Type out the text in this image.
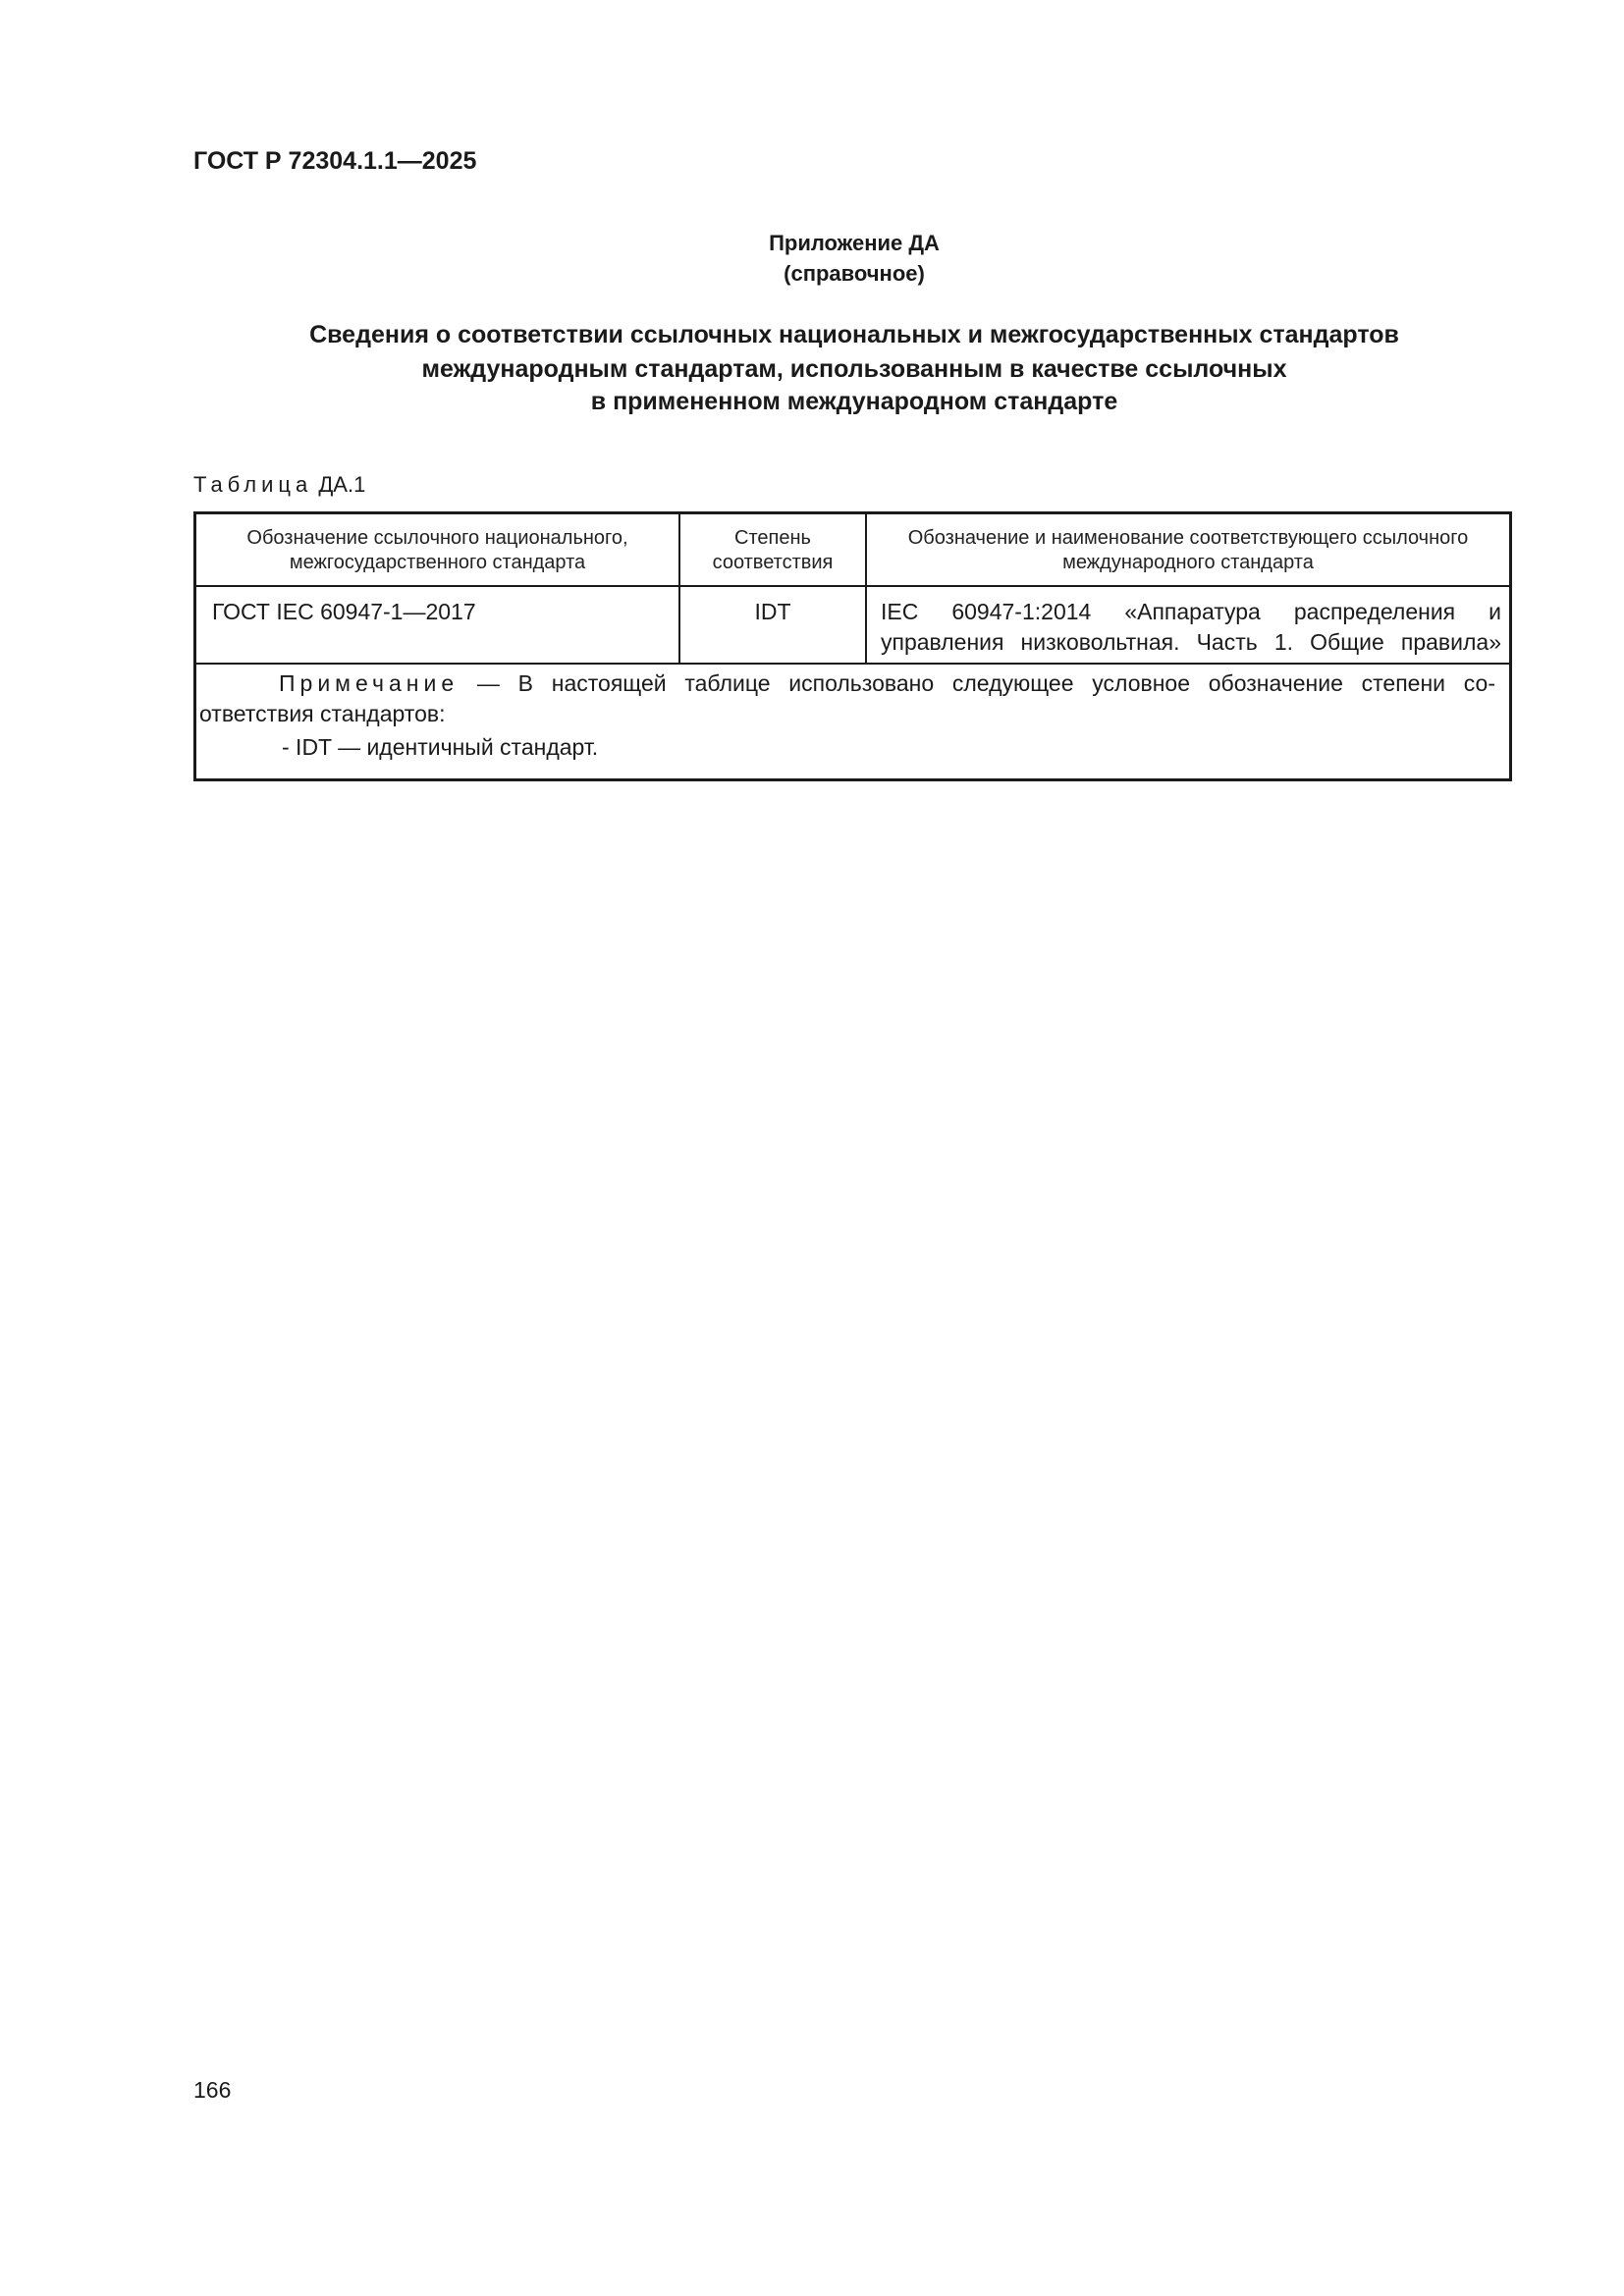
ГОСТ Р 72304.1.1—2025
Приложение ДА
(справочное)
Сведения о соответствии ссылочных национальных и межгосударственных стандартов
международным стандартам, использованным в качестве ссылочных
в примененном международном стандарте
Таблица ДА.1
Обозначение ссылочного национального, межгосударственного стандарта
Степень соответствия
Обозначение и наименование соответствующего ссылочного международного стандарта
ГОСТ IEC 60947-1—2017	IDT	IEC 60947-1:2014 «Аппаратура распределения и
управления низковольтная. Часть 1. Общие правила»
Примечание — В настоящей таблице использовано следующее условное обозначение степени со-
ответствия стандартов:
- IDT — идентичный стандарт.
166
